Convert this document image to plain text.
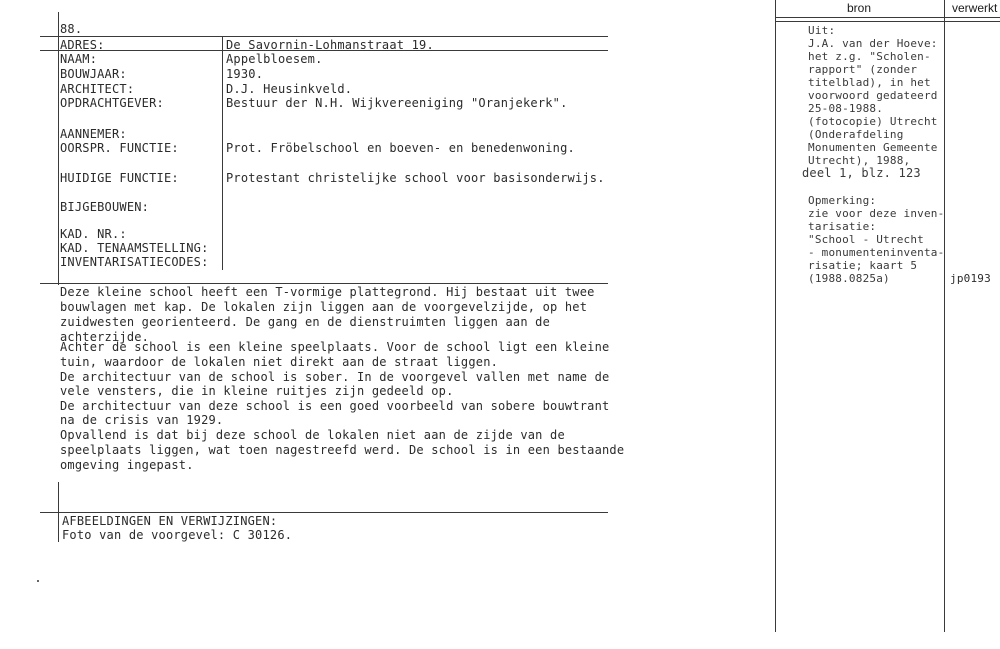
88.
ADRES:	De Savornin-Lohmanstraat 19.
NAAM:	Appelbloesem.
BOUWJAAR:	1930.
ARCHITECT:	D.J. Heusinkveld.
OPDRACHTGEVER:	Bestuur der N.H. Wijkvereeniging "Oranjekerk".
AANNEMER:
OORSPR. FUNCTIE:	Prot. Fröbelschool en boeven- en benedenwoning.
HUIDIGE FUNCTIE:	Protestant christelijke school voor basisonderwijs.
BIJGEBOUWEN:
KAD. NR.:
KAD. TENAAMSTELLING:
INVENTARISATIECODES:
Deze kleine school heeft een T-vormige plattegrond. Hij bestaat uit twee
bouwlagen met kap. De lokalen zijn liggen aan de voorgevelzijde, op het
zuidwesten georienteerd. De gang en de dienstruimten liggen aan de
achterzijde.
Achter de school is een kleine speelplaats. Voor de school ligt een kleine
tuin, waardoor de lokalen niet direkt aan de straat liggen.
De architectuur van de school is sober. In de voorgevel vallen met name de
vele vensters, die in kleine ruitjes zijn gedeeld op.
De architectuur van deze school is een goed voorbeeld van sobere bouwtrant
na de crisis van 1929.
Opvallend is dat bij deze school de lokalen niet aan de zijde van de
speelplaats liggen, wat toen nagestreefd werd. De school is in een bestaande
omgeving ingepast.
AFBEELDINGEN EN VERWIJZINGEN:
Foto van de voorgevel: C 30126.
bron	verwerkt
Uit:
J.A. van der Hoeve:
het z.g. "Scholen-
rapport" (zonder
titelblad), in het
voorwoord gedateerd
25-08-1988.
(fotocopie) Utrecht
(Onderafdeling
Monumenten Gemeente
Utrecht), 1988,
deel 1, blz. 123
Opmerking:
zie voor deze inven-
tarisatie:
"School - Utrecht
- monumenteninventa-
risatie; kaart 5
(1988.0825a)	jp0193
